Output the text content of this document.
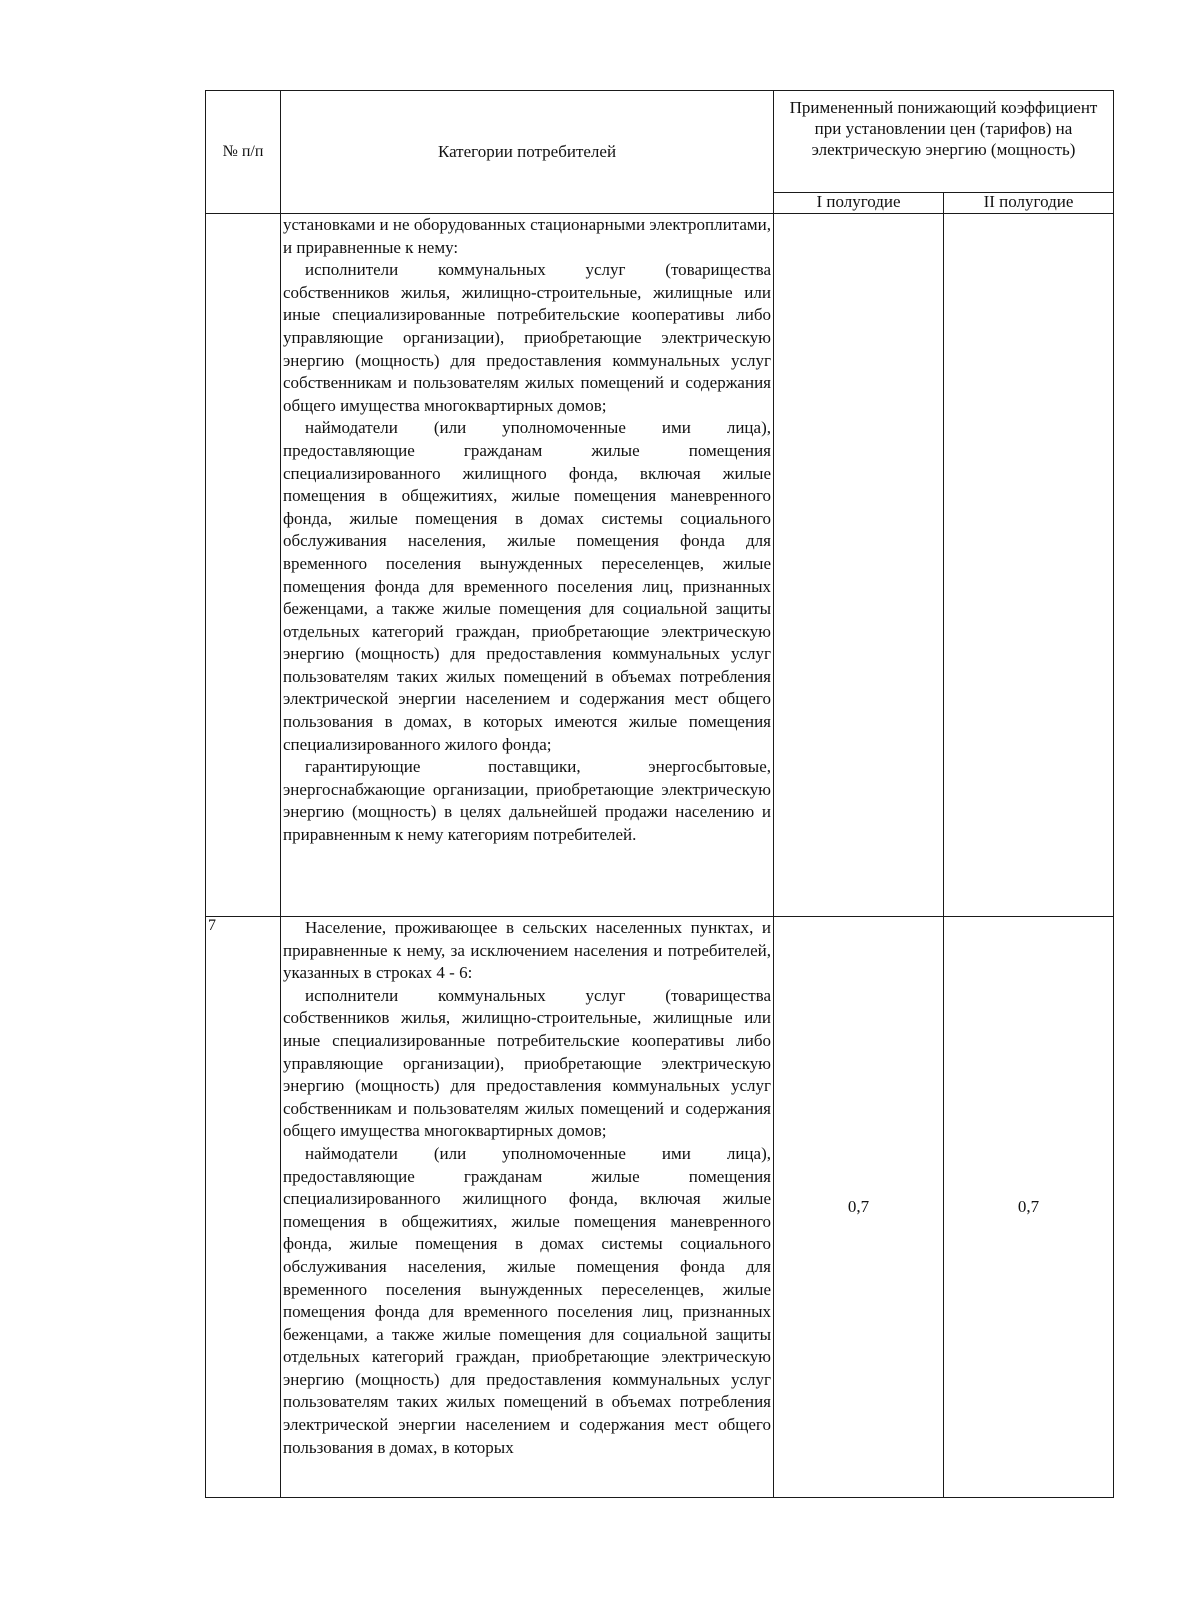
№ п/п	Категории потребителей	Примененный понижающий коэффициент при установлении цен (тарифов) на электрическую энергию (мощность)	
		I полугодие	II полугодие

	установками и не оборудованных стационарными электроплитами, и приравненные к нему:

исполнители коммунальных услуг (товарищества собственников жилья, жилищно-строительные, жилищные или иные специализированные потребительские кооперативы либо управляющие организации), приобретающие электрическую энергию (мощность) для предоставления коммунальных услуг собственникам и пользователям жилых помещений и содержания общего имущества многоквартирных домов;

наймодатели (или уполномоченные ими лица), предоставляющие гражданам жилые помещения специализированного жилищного фонда, включая жилые помещения в общежитиях, жилые помещения маневренного фонда, жилые помещения в домах системы социального обслуживания населения, жилые помещения фонда для временного поселения вынужденных переселенцев, жилые помещения фонда для временного поселения лиц, признанных беженцами, а также жилые помещения для социальной защиты отдельных категорий граждан, приобретающие электрическую энергию (мощность) для предоставления коммунальных услуг пользователям таких жилых помещений в объемах потребления электрической энергии населением и содержания мест общего пользования в домах, в которых имеются жилые помещения специализированного жилого фонда;

гарантирующие поставщики, энергосбытовые, энергоснабжающие организации, приобретающие электрическую энергию (мощность) в целях дальнейшей продажи населению и приравненным к нему категориям потребителей.		

7	Население, проживающее в сельских населенных пунктах, и приравненные к нему, за исключением населения и потребителей, указанных в строках 4 - 6:

исполнители коммунальных услуг (товарищества собственников жилья, жилищно-строительные, жилищные или иные специализированные потребительские кооперативы либо управляющие организации), приобретающие электрическую энергию (мощность) для предоставления коммунальных услуг собственникам и пользователям жилых помещений и содержания общего имущества многоквартирных домов;

наймодатели (или уполномоченные ими лица), предоставляющие гражданам жилые помещения специализированного жилищного фонда, включая жилые помещения в общежитиях, жилые помещения маневренного фонда, жилые помещения в домах системы социального обслуживания населения, жилые помещения фонда для временного поселения вынужденных переселенцев, жилые помещения фонда для временного поселения лиц, признанных беженцами, а также жилые помещения для социальной защиты отдельных категорий граждан, приобретающие электрическую энергию (мощность) для предоставления коммунальных услуг пользователям таких жилых помещений в объемах потребления электрической энергии населением и содержания мест общего пользования в домах, в которых	0,7	0,7
